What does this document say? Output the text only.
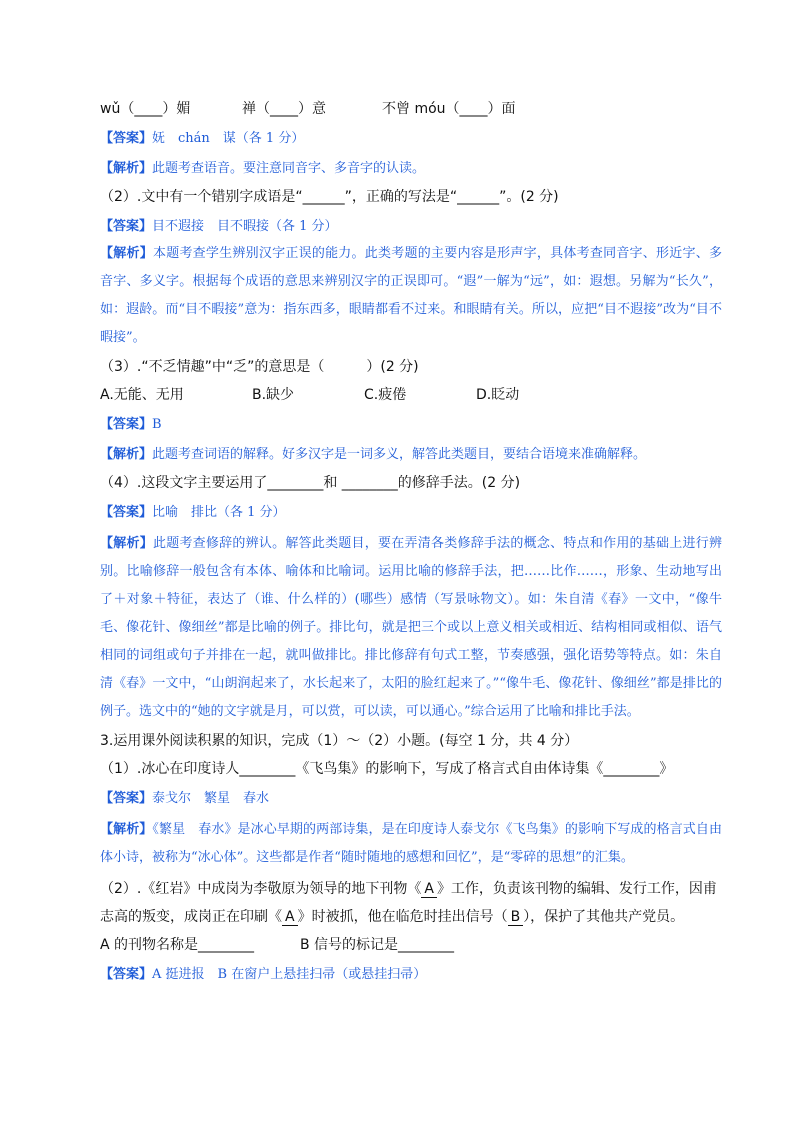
wǔ（____）媚	禅（____）意	不曾 móu（____）面
【答案】妩　chán　谋（各 1 分）
【解析】此题考查语音。要注意同音字、多音字的认读。
（2）.文中有一个错别字成语是“______”，正确的写法是“______”。(2 分)
【答案】目不遐接　目不暇接（各 1 分）
【解析】本题考查学生辨别汉字正误的能力。此类考题的主要内容是形声字，具体考查同音字、形近字、多音字、多义字。根据每个成语的意思来辨别汉字的正误即可。“遐”一解为“远”，如：遐想。另解为“长久”，如：遐龄。而“目不暇接”意为：指东西多，眼睛都看不过来。和眼睛有关。所以，应把“目不遐接”改为“目不暇接”。
（3）.“不乏情趣”中“乏”的意思是（　　　）(2 分)
A.无能、无用	B.缺少	C.疲倦	D.眨动
【答案】B
【解析】此题考查词语的解释。好多汉字是一词多义，解答此类题目，要结合语境来准确解释。
（4）.这段文字主要运用了________和 ________的修辞手法。(2 分)
【答案】比喻　排比（各 1 分）
【解析】此题考查修辞的辨认。解答此类题目，要在弄清各类修辞手法的概念、特点和作用的基础上进行辨别。比喻修辞一般包含有本体、喻体和比喻词。运用比喻的修辞手法，把……比作……，形象、生动地写出了＋对象＋特征，表达了（谁、什么样的）(哪些）感情（写景咏物文）。如：朱自清《春》一文中，“像牛毛、像花针、像细丝”都是比喻的例子。排比句，就是把三个或以上意义相关或相近、结构相同或相似、语气相同的词组或句子并排在一起，就叫做排比。排比修辞有句式工整，节奏感强，强化语势等特点。如：朱自清《春》一文中，“山朗润起来了，水长起来了，太阳的脸红起来了。”“像牛毛、像花针、像细丝”都是排比的例子。选文中的“她的文字就是月，可以赏，可以读，可以通心。”综合运用了比喻和排比手法。
3.运用课外阅读积累的知识，完成（1）～（2）小题。(每空 1 分，共 4 分）
（1）.冰心在印度诗人________《飞鸟集》的影响下，写成了格言式自由体诗集《________》
【答案】泰戈尔　繁星　春水
【解析】《繁星　春水》是冰心早期的两部诗集，是在印度诗人泰戈尔《飞鸟集》的影响下写成的格言式自由体小诗，被称为“冰心体”。这些都是作者“随时随地的感想和回忆”，是“零碎的思想”的汇集。
（2）.《红岩》中成岗为李敬原为领导的地下刊物《 A 》工作，负责该刊物的编辑、发行工作，因甫
志高的叛变，成岗正在印刷《 A 》时被抓，他在临危时挂出信号（ B ），保护了其他共产党员。
A 的刊物名称是________	B 信号的标记是________
【答案】A 挺进报　B 在窗户上悬挂扫帚（或悬挂扫帚）
